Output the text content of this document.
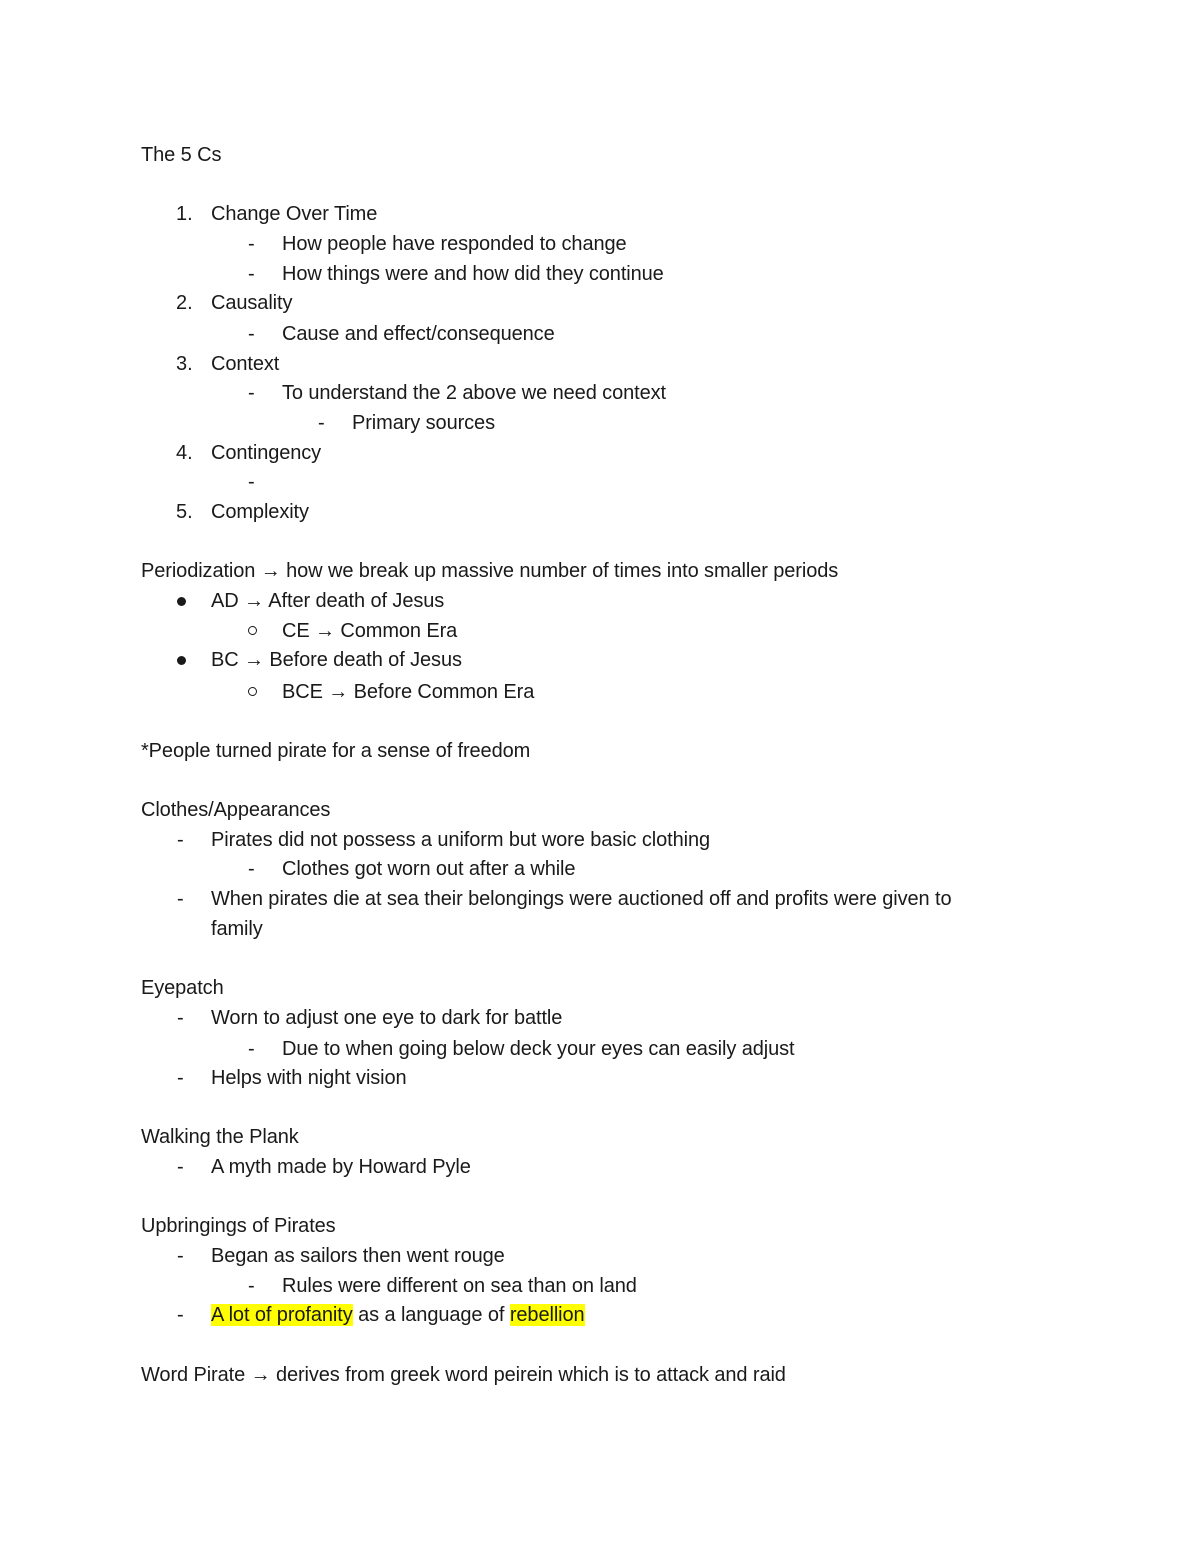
The 5 Cs
1. Change Over Time
- How people have responded to change
- How things were and how did they continue
2. Causality
- Cause and effect/consequence
3. Context
- To understand the 2 above we need context
- Primary sources
4. Contingency
-
5. Complexity
Periodization → how we break up massive number of times into smaller periods
AD → After death of Jesus
CE → Common Era
BC → Before death of Jesus
BCE → Before Common Era
*People turned pirate for a sense of freedom
Clothes/Appearances
- Pirates did not possess a uniform but wore basic clothing
- Clothes got worn out after a while
- When pirates die at sea their belongings were auctioned off and profits were given to
family
Eyepatch
- Worn to adjust one eye to dark for battle
- Due to when going below deck your eyes can easily adjust
- Helps with night vision
Walking the Plank
- A myth made by Howard Pyle
Upbringings of Pirates
- Began as sailors then went rouge
- Rules were different on sea than on land
- A lot of profanity as a language of rebellion
Word Pirate → derives from greek word peirein which is to attack and raid
